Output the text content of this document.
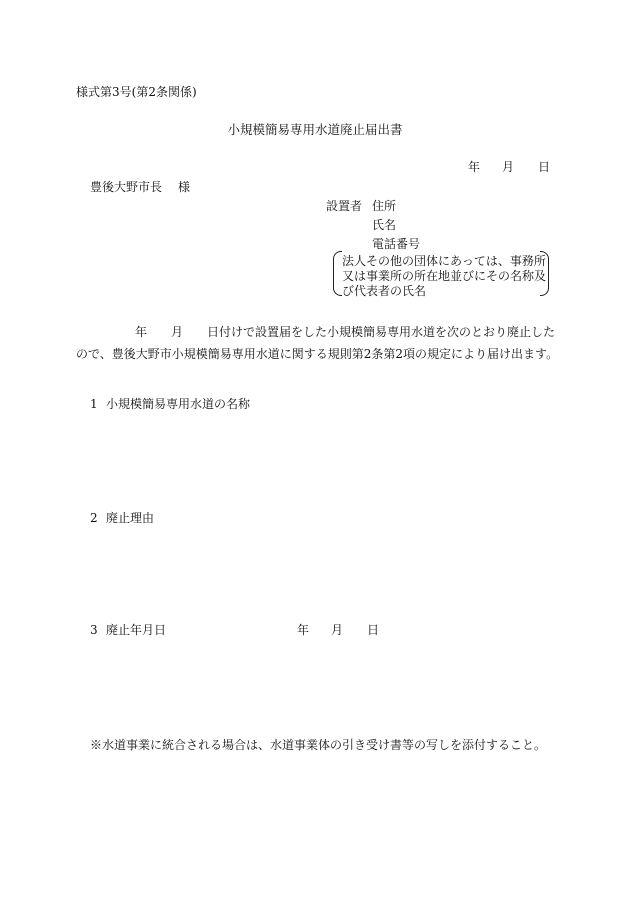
様式第3号(第2条関係)
小規模簡易専用水道廃止届出書
年 月 日
豊後大野市長 様
設置者 住所
氏名
電話番号
法人その他の団体にあっては、事務所
又は事業所の所在地並びにその名称及
び代表者の氏名
年 月 日付けで設置届をした小規模簡易専用水道を次のとおり廃止した
ので、豊後大野市小規模簡易専用水道に関する規則第2条第2項の規定により届け出ます。
1 小規模簡易専用水道の名称
2 廃止理由
3 廃止年月日	年 月 日
※水道事業に統合される場合は、水道事業体の引き受け書等の写しを添付すること。
